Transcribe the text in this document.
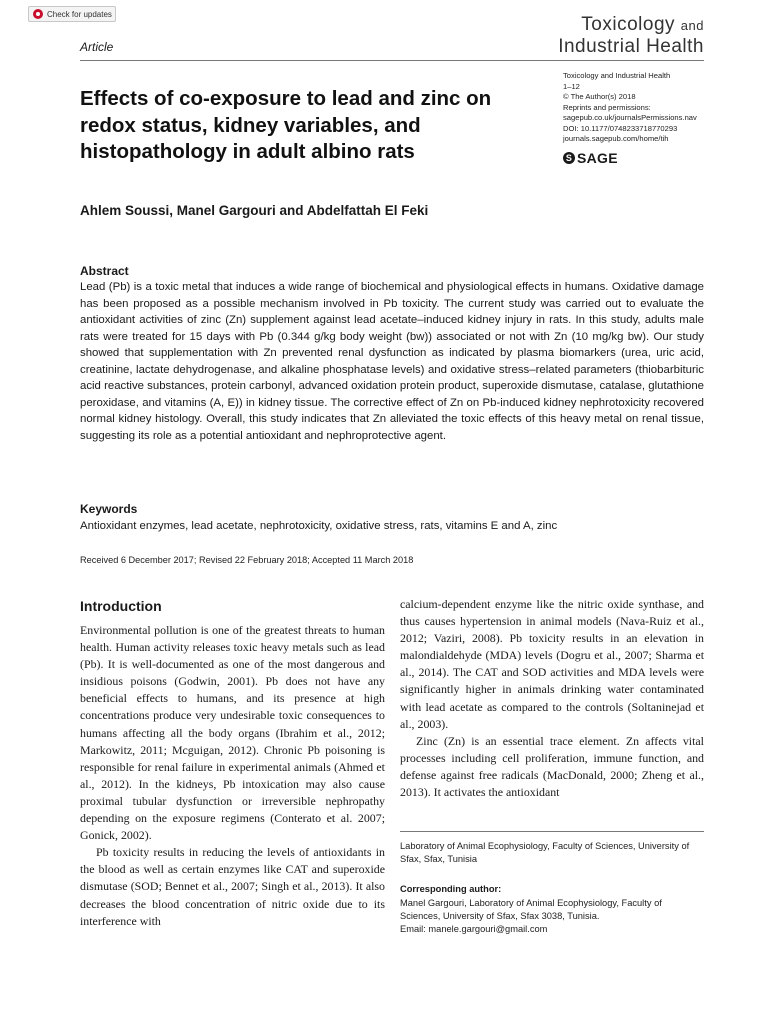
Check for updates
Article
Toxicology and
Industrial Health
Toxicology and Industrial Health
1–12
© The Author(s) 2018
Reprints and permissions:
sagepub.co.uk/journalsPermissions.nav
DOI: 10.1177/0748233718770293
journals.sagepub.com/home/tih
S SAGE
Effects of co-exposure to lead and zinc on redox status, kidney variables, and histopathology in adult albino rats
Ahlem Soussi, Manel Gargouri and Abdelfattah El Feki
Abstract

Lead (Pb) is a toxic metal that induces a wide range of biochemical and physiological effects in humans. Oxidative damage has been proposed as a possible mechanism involved in Pb toxicity. The current study was carried out to evaluate the antioxidant activities of zinc (Zn) supplement against lead acetate–induced kidney injury in rats. In this study, adults male rats were treated for 15 days with Pb (0.344 g/kg body weight (bw)) associated or not with Zn (10 mg/kg bw). Our study showed that supplementation with Zn prevented renal dysfunction as indicated by plasma biomarkers (urea, uric acid, creatinine, lactate dehydrogenase, and alkaline phosphatase levels) and oxidative stress–related parameters (thiobarbituric acid reactive substances, protein carbonyl, advanced oxidation protein product, superoxide dismutase, catalase, glutathione peroxidase, and vitamins (A, E)) in kidney tissue. The corrective effect of Zn on Pb-induced kidney nephrotoxicity recovered normal kidney histology. Overall, this study indicates that Zn alleviated the toxic effects of this heavy metal on renal tissue, suggesting its role as a potential antioxidant and nephroprotective agent.

Keywords
Antioxidant enzymes, lead acetate, nephrotoxicity, oxidative stress, rats, vitamins E and A, zinc
Received 6 December 2017; Revised 22 February 2018; Accepted 11 March 2018
Introduction

Environmental pollution is one of the greatest threats to human health. Human activity releases toxic heavy metals such as lead (Pb). It is well-documented as one of the most dangerous and insidious poisons (Godwin, 2001). Pb does not have any beneficial effects to humans, and its presence at high concentrations produce very undesirable toxic consequences to humans affecting all the body organs (Ibrahim et al., 2012; Markowitz, 2011; Mcguigan, 2012). Chronic Pb poisoning is responsible for renal failure in experimental animals (Ahmed et al., 2012). In the kidneys, Pb intoxication may also cause proximal tubular dysfunction or irreversible nephropathy depending on the exposure regimens (Conterato et al. 2007; Gonick, 2002).

Pb toxicity results in reducing the levels of antioxidants in the blood as well as certain enzymes like CAT and superoxide dismutase (SOD; Bennet et al., 2007; Singh et al., 2013). It also decreases the blood concentration of nitric oxide due to its interference with

calcium-dependent enzyme like the nitric oxide synthase, and thus causes hypertension in animal models (Nava-Ruiz et al., 2012; Vaziri, 2008). Pb toxicity results in an elevation in malondialdehyde (MDA) levels (Dogru et al., 2007; Sharma et al., 2014). The CAT and SOD activities and MDA levels were significantly higher in animals drinking water contaminated with lead acetate as compared to the controls (Soltaninejad et al., 2003).

Zinc (Zn) is an essential trace element. Zn affects vital processes including cell proliferation, immune function, and defense against free radicals (MacDonald, 2000; Zheng et al., 2013). It activates the antioxidant

Laboratory of Animal Ecophysiology, Faculty of Sciences, University of Sfax, Sfax, Tunisia
Corresponding author:
Manel Gargouri, Laboratory of Animal Ecophysiology, Faculty of Sciences, University of Sfax, Sfax 3038, Tunisia.
Email: manele.gargouri@gmail.com
